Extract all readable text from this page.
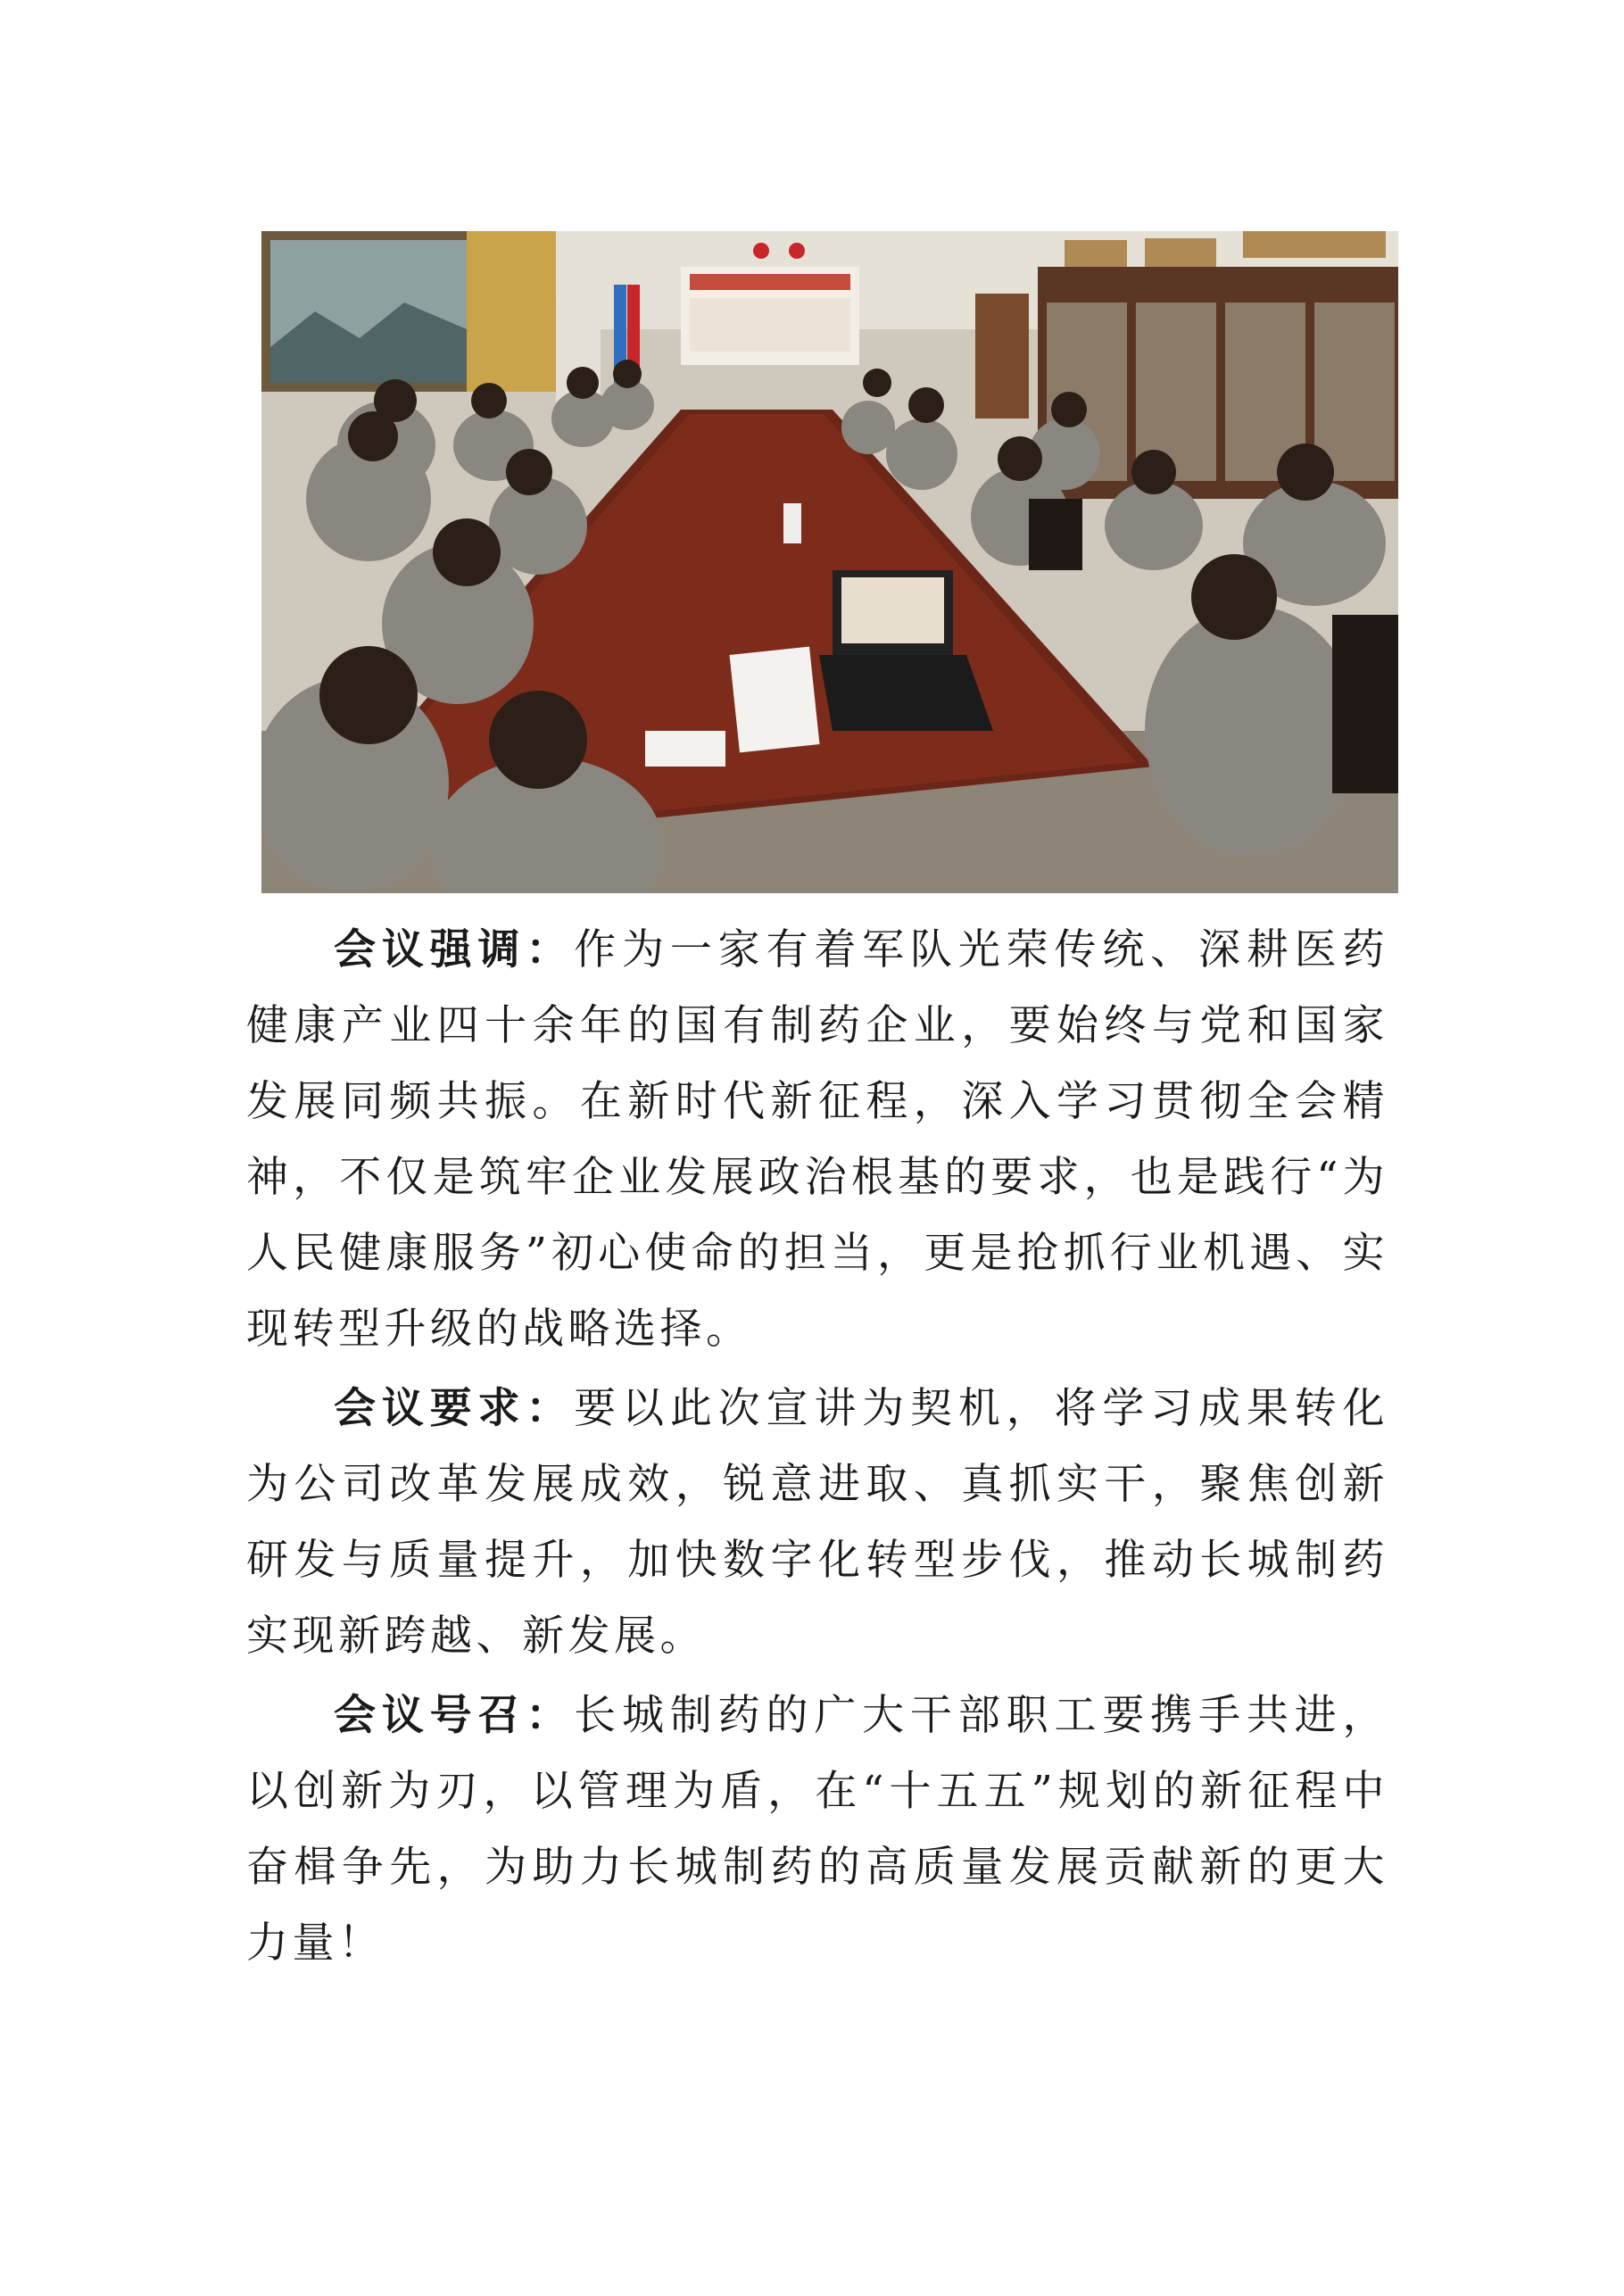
会议强调：作为一家有着军队光荣传统、深耕医药健康产业四十余年的国有制药企业，要始终与党和国家发展同频共振。在新时代新征程，深入学习贯彻全会精神，不仅是筑牢企业发展政治根基的要求，也是践行“为人民健康服务”初心使命的担当，更是抢抓行业机遇、实现转型升级的战略选择。

会议要求：要以此次宣讲为契机，将学习成果转化为公司改革发展成效，锐意进取、真抓实干，聚焦创新研发与质量提升，加快数字化转型步伐，推动长城制药实现新跨越、新发展。

会议号召：长城制药的广大干部职工要携手共进，以创新为刃，以管理为盾，在“十五五”规划的新征程中奋楫争先，为助力长城制药的高质量发展贡献新的更大力量！
